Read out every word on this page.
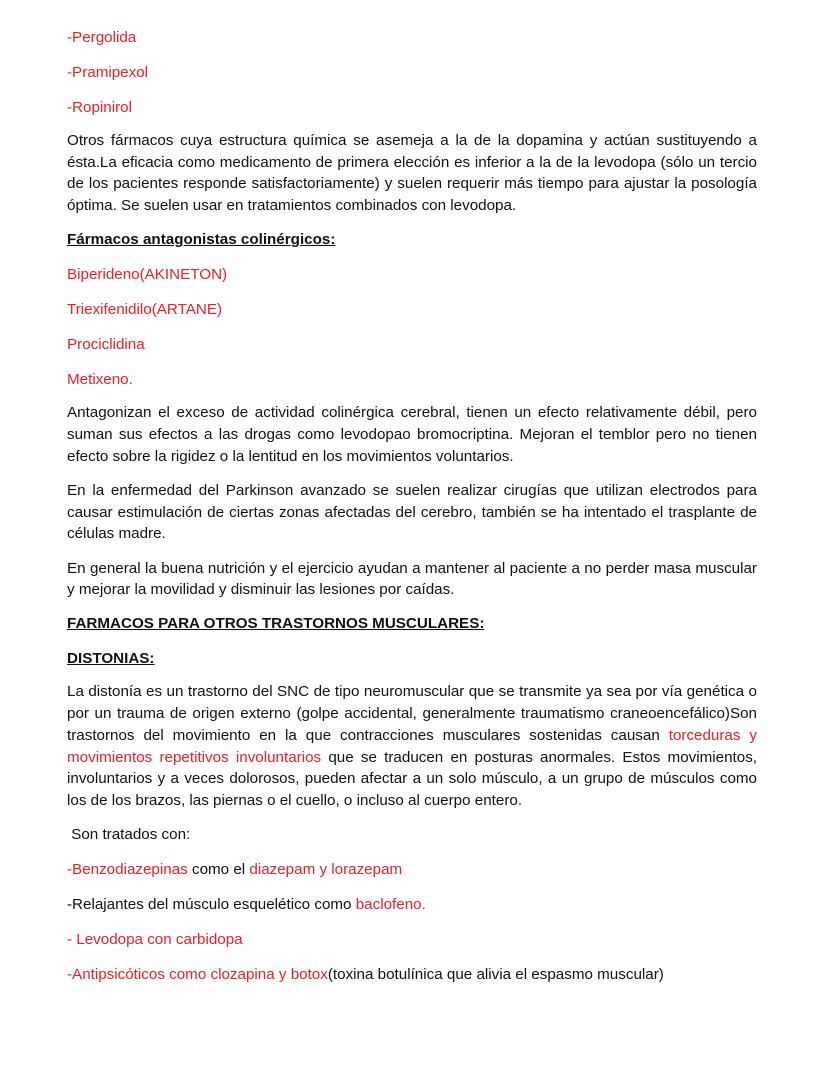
-Pergolida
-Pramipexol
-Ropinirol

Otros fármacos cuya estructura química se asemeja a la de la dopamina y actúan sustituyendo a ésta.La eficacia como medicamento de primera elección es inferior a la de la levodopa (sólo un tercio de los pacientes responde satisfactoriamente) y suelen requerir más tiempo para ajustar la posología óptima. Se suelen usar en tratamientos combinados con levodopa.

Fármacos antagonistas colinérgicos:
Biperideno(AKINETON)
Triexifenidilo(ARTANE)
Prociclidina
Metixeno.

Antagonizan el exceso de actividad colinérgica cerebral, tienen un efecto relativamente débil, pero suman sus efectos a las drogas como levodopao bromocriptina. Mejoran el temblor pero no tienen efecto sobre la rigidez o la lentitud en los movimientos voluntarios.

En la enfermedad del Parkinson avanzado se suelen realizar cirugías que utilizan electrodos para causar estimulación de ciertas zonas afectadas del cerebro, también se ha intentado el trasplante de células madre.

En general la buena nutrición y el ejercicio ayudan a mantener al paciente a no perder masa muscular y mejorar la movilidad y disminuir las lesiones por caídas.

FARMACOS PARA OTROS TRASTORNOS MUSCULARES:
DISTONIAS:

La distonía es un trastorno del SNC de tipo neuromuscular que se transmite ya sea por vía genética o por un trauma de origen externo (golpe accidental, generalmente traumatismo craneoencefálico)Son trastornos del movimiento en la que contracciones musculares sostenidas causan torceduras y movimientos repetitivos involuntarios que se traducen en posturas anormales. Estos movimientos, involuntarios y a veces dolorosos, pueden afectar a un solo músculo, a un grupo de músculos como los de los brazos, las piernas o el cuello, o incluso al cuerpo entero.

Son tratados con:
-Benzodiazepinas como el diazepam y lorazepam
-Relajantes del músculo esquelético como baclofeno.
- Levodopa con carbidopa
-Antipsicóticos como clozapina y botox(toxina botulínica que alivia el espasmo muscular)
